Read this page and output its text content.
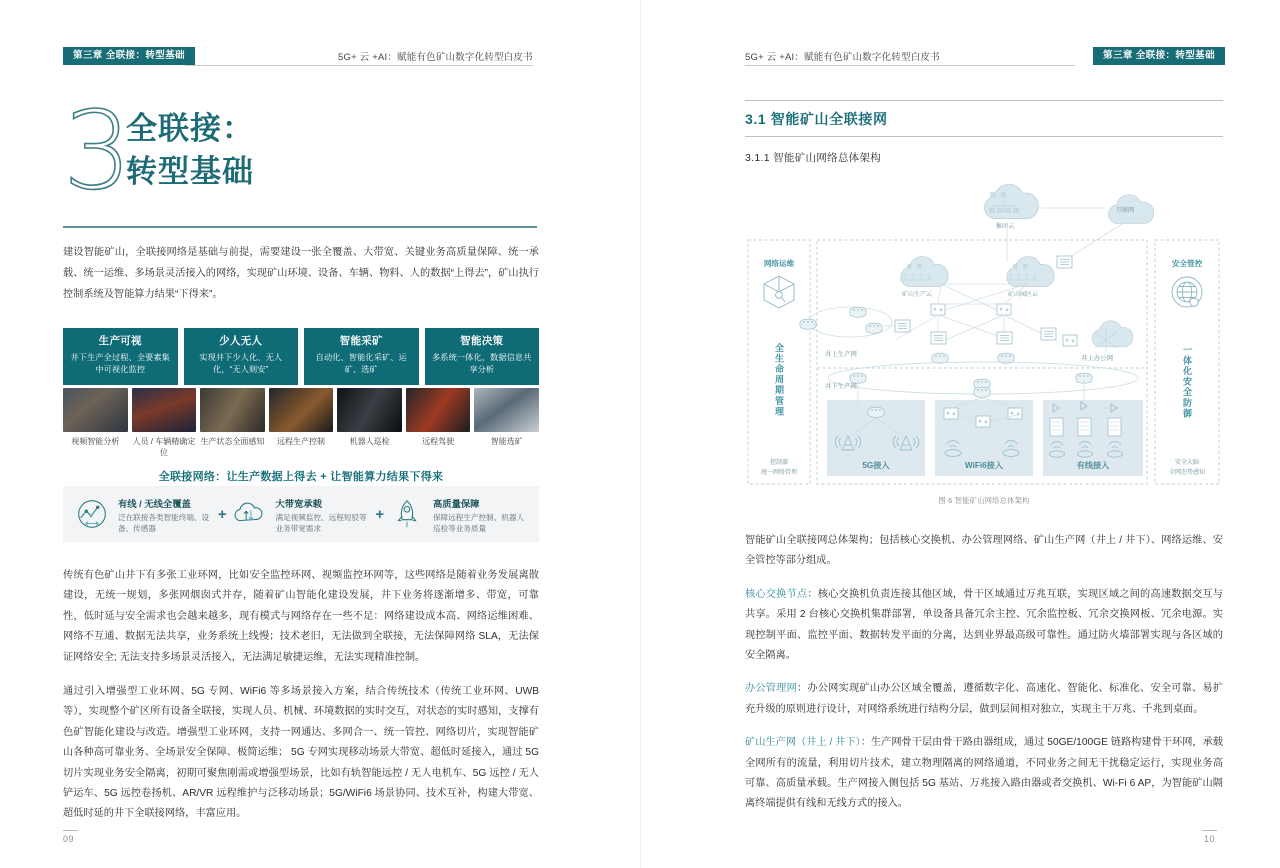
第三章 全联接：转型基础	5G+ 云 +AI：赋能有色矿山数字化转型白皮书
3
全联接：
转型基础
建设智能矿山，全联接网络是基础与前提，需要建设一张全覆盖、大带宽、关键业务高质量保障、统一承载、统一运维、多场景灵活接入的网络，实现矿山环境、设备、车辆、物料、人的数据“上得去”，矿山执行控制系统及智能算力结果“下得来”。
生产可视
井下生产全过程、全要素集中可视化监控
少人无人
实现井下少人化、无人化，“无人则安”
智能采矿
自动化、智能化采矿、运矿、选矿
智能决策
多系统一体化，数据信息共享分析
视频智能分析	人员 / 车辆精确定位
生产状态全面感知	远程生产控制	机器人巡检	远程驾驶	智能选矿
全联接网络：让生产数据上得去 + 让智能算力结果下得来
有线 / 无线全覆盖
泛在联接各类智能终端、设备、传感器
+
大带宽承载
满足视频监控、远程短驳等业务带宽需求
+
高质量保障
保障远程生产控制、机器人巡检等业务质量

传统有色矿山井下有多张工业环网，比如安全监控环网、视频监控环网等，这些网络是随着业务发展离散建设，无统一规划，多张网烟囱式并存，随着矿山智能化建设发展，井下业务将逐渐增多、带宽，可靠性，低时延与安全需求也会越来越多，现有模式与网络存在一些不足：网络建设成本高、网络运维困难、网络不互通、数据无法共享，业务系统上线慢；技术老旧，无法做到全联接，无法保障网络 SLA，无法保证网络安全; 无法支持多场景灵活接入，无法满足敏捷运维，无法实现精准控制。

通过引入增强型工业环网、5G 专网、WiFi6 等多场景接入方案，结合传统技术（传统工业环网、UWB 等），实现整个矿区所有设备全联接，实现人员、机械、环境数据的实时交互，对状态的实时感知，支撑有色矿智能化建设与改造。增强型工业环网，支持一网通达、多网合一、统一管控、网络切片，实现智能矿山各种高可靠业务、全场景安全保障、极简运维； 5G 专网实现移动场景大带宽、超低时延接入，通过 5G 切片实现业务安全隔离，初期可聚焦刚需或增强型场景，比如有轨智能远控 / 无人电机车、5G 远控 / 无人铲运车、5G 远控卷扬机、AR/VR 远程维护与泛移动场景；5G/WiFi6 场景协同、技术互补，构建大带宽、超低时延的井下全联接网络，丰富应用。

09
5G+ 云 +AI：赋能有色矿山数字化转型白皮书	第三章 全联接：转型基础
3.1 智能矿山全联接网
3.1.1 智能矿山网络总体架构
集团云
互联网
网络运维
全生命周期管理
控制器
统一网络管理
安全管控
一体化安全防御
安全大脑
全网态势感知
矿山生产云	矿山园区云
井上生产网
井上办公网
井下生产网
5G接入	WiFi6接入	有线接入
图 6 智能矿山网络总体架构

智能矿山全联接网总体架构；包括核心交换机、办公管理网络、矿山生产网（井上 / 井下）、网络运维、安全管控等部分组成。

核心交换节点：核心交换机负责连接其他区域，骨干区域通过万兆互联，实现区域之间的高速数据交互与共享。采用 2 台核心交换机集群部署，单设备具备冗余主控、冗余监控板、冗余交换网板、冗余电源。实现控制平面、监控平面、数据转发平面的分离，达到业界最高级可靠性。通过防火墙部署实现与各区域的安全隔离。

办公管理网：办公网实现矿山办公区域全覆盖，遵循数字化、高速化、智能化、标准化、安全可靠、易扩充升级的原则进行设计，对网络系统进行结构分层，做到层间相对独立，实现主干万兆、千兆到桌面。

矿山生产网（井上 / 井下）：生产网骨干层由骨干路由器组成，通过 50GE/100GE 链路构建骨干环网，承载全网所有的流量，利用切片技术，建立物理隔离的网络通道，不同业务之间无干扰稳定运行，实现业务高可靠、高质量承载。生产网接入侧包括 5G 基站、万兆接入路由器或者交换机、Wi-Fi 6 AP，为智能矿山隔离终端提供有线和无线方式的接入。

10
